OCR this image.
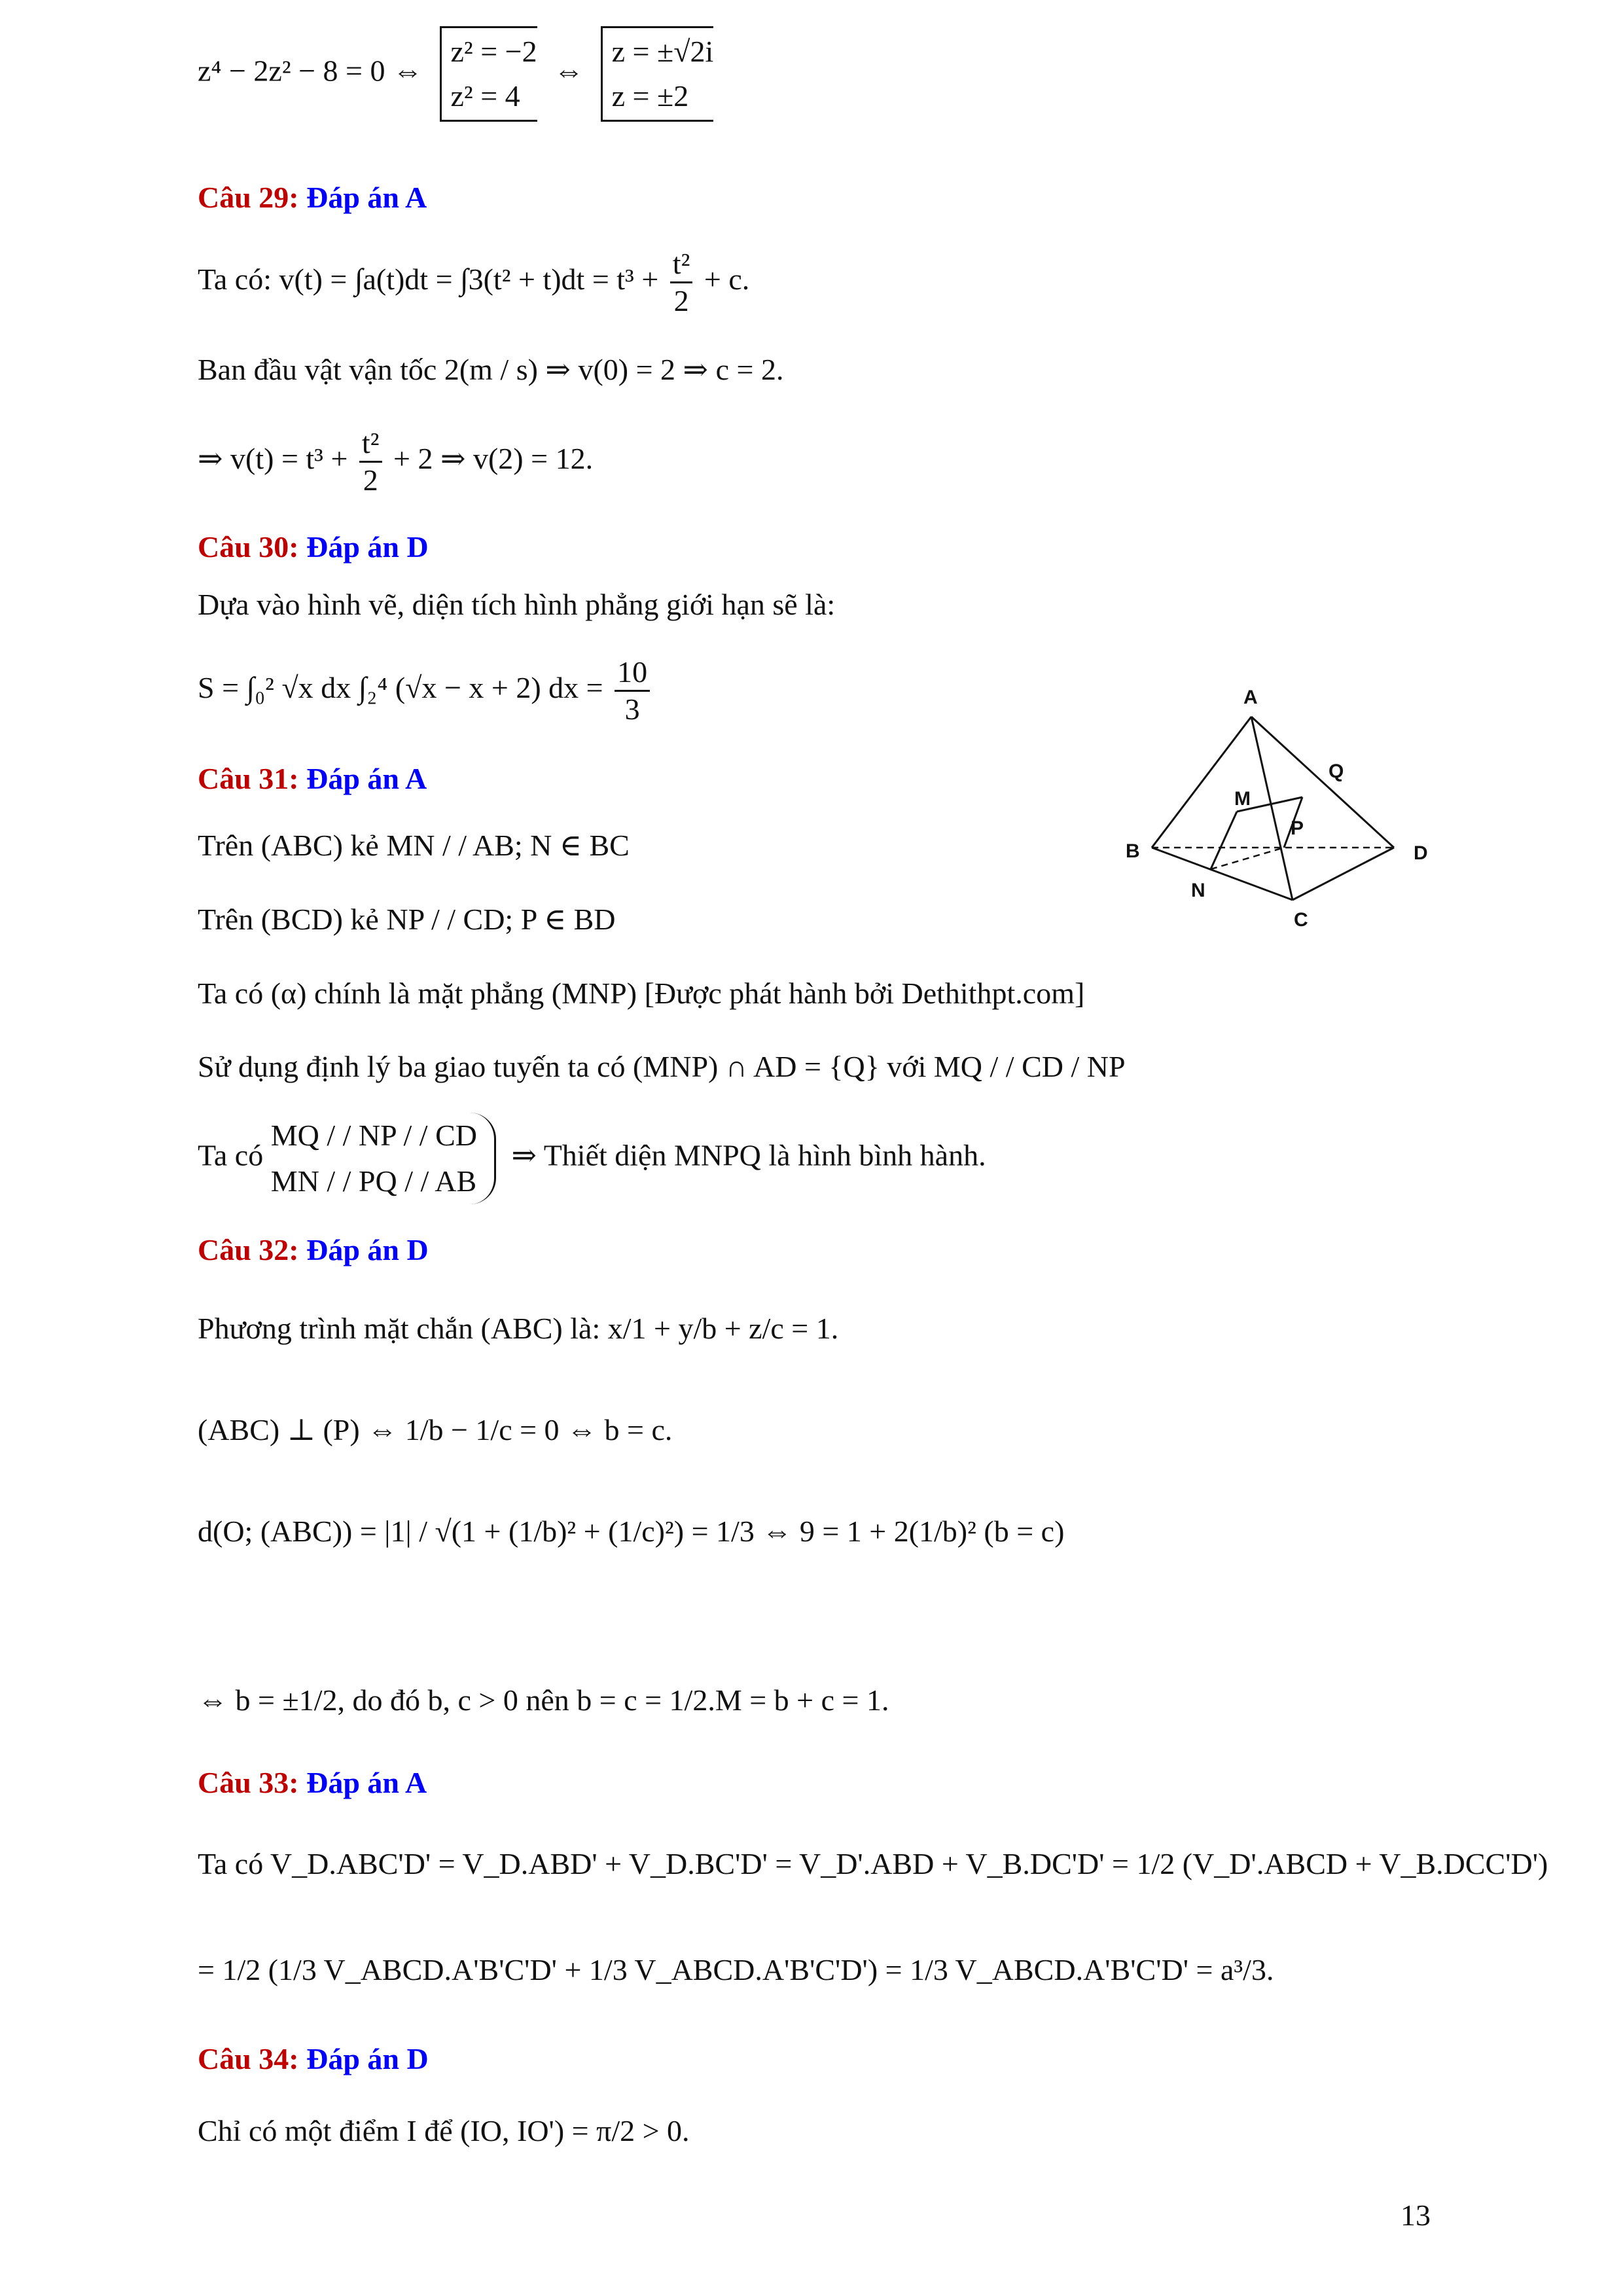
z⁴ − 2z² − 8 = 0 ⇔
z² = −2
z² = 4
⇔
z = ±√2i
z = ±2
Câu 29: Đáp án A
Ta có: $v(t) = \int a(t)dt = \int 3(t^2 + t)dt = t^3 + \frac{\text{t²}}{2} + c$.
Ban đầu vật vận tốc 2(m / s) ⇒ v(0) = 2 ⇒ c = 2.
⇒ $v(t) = t^3 + \frac{\text{t²}}{2} + 2$ ⇒ v(2) = 12.
Câu 30: Đáp án D
Dựa vào hình vẽ, diện tích hình phẳng giới hạn sẽ là:
S = ∫₀² √x dx ∫₂⁴ (√x − x + 2) dx = $\frac{10}{3}$	A
B
C
D
M
N
P
Q
Câu 31: Đáp án A
Trên (ABC) kẻ MN / / AB; N ∈ BC
Trên (BCD) kẻ NP / / CD; P ∈ BD
Ta có (α) chính là mặt phẳng (MNP) [Được phát hành bởi Dethithpt.com]
Sử dụng định lý ba giao tuyến ta có (MNP) ∩ AD = {Q} với MQ / / CD / NP
Ta có
MQ / / NP / / CD
MN / / PQ / / AB
⇒ Thiết diện MNPQ là hình bình hành.
Câu 32: Đáp án D
Phương trình mặt chắn (ABC) là: x/1 + y/b + z/c = 1.
(ABC) ⊥ (P) ⇔ 1/b − 1/c = 0 ⇔ b = c.
d(O; (ABC)) = |1| / √(1 + (1/b)² + (1/c)²) = 1/3 ⇔ 9 = 1 + 2(1/b)² (b = c)
⇔ b = ±1/2, do đó b, c > 0 nên b = c = 1/2.M = b + c = 1.
Câu 33: Đáp án A
Ta có V_D.ABC'D' = V_D.ABD' + V_D.BC'D' = V_D'.ABD + V_B.DC'D' = 1/2 (V_D'.ABCD + V_B.DCC'D')
= 1/2 (1/3 V_ABCD.A'B'C'D' + 1/3 V_ABCD.A'B'C'D') = 1/3 V_ABCD.A'B'C'D' = a³/3.
Câu 34: Đáp án D
Chỉ có một điểm I để (IO, IO') = π/2 > 0.
13
